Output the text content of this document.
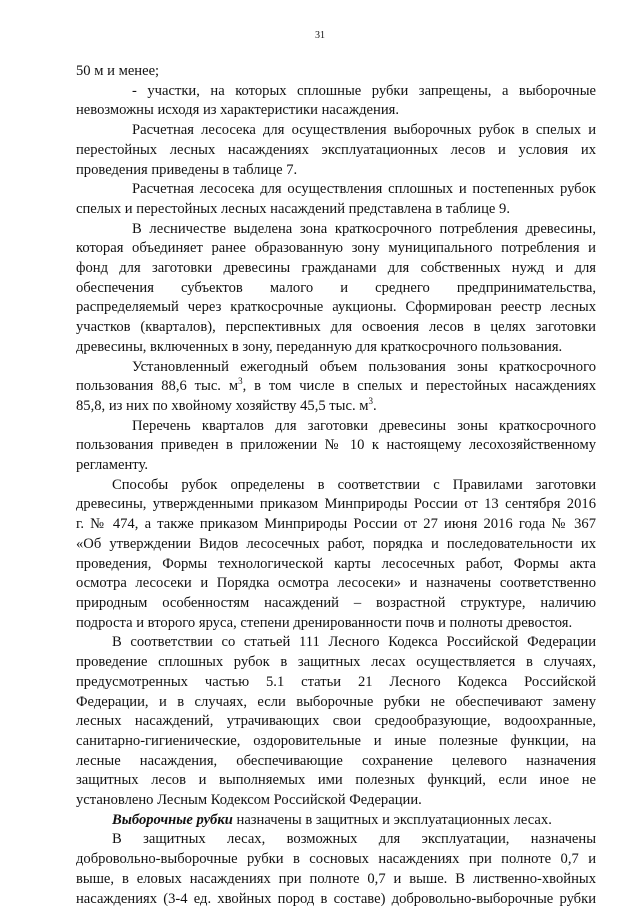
31

50 м и менее;

- участки, на которых сплошные рубки запрещены, а выборочные
невозможны исходя из характеристики насаждения.

Расчетная лесосека для осуществления выборочных рубок в спелых и
перестойных лесных насаждениях эксплуатационных лесов и условия их
проведения приведены в таблице 7.

Расчетная лесосека для осуществления сплошных и постепенных рубок
спелых и перестойных лесных насаждений представлена в таблице 9.

В лесничестве выделена зона краткосрочного потребления древесины,
которая объединяет ранее образованную зону муниципального потребления и
фонд для заготовки древесины гражданами для собственных нужд и для
обеспечения субъектов малого и среднего предпринимательства,
распределяемый через краткосрочные аукционы. Сформирован реестр лесных
участков (кварталов), перспективных для освоения лесов в целях заготовки
древесины, включенных в зону, переданную для краткосрочного пользования.

Установленный ежегодный объем пользования зоны краткосрочного
пользования 88,6 тыс. $м^3$, в том числе в спелых и перестойных насаждениях
85,8, из них по хвойному хозяйству 45,5 тыс. $м^3$.

Перечень кварталов для заготовки древесины зоны краткосрочного
пользования приведен в приложении № 10 к настоящему лесохозяйственному
регламенту.

Способы рубок определены в соответствии с Правилами заготовки
древесины, утвержденными приказом Минприроды России от 13 сентября 2016
г. № 474, а также приказом Минприроды России от 27 июня 2016 года № 367
«Об утверждении Видов лесосечных работ, порядка и последовательности их
проведения, Формы технологической карты лесосечных работ, Формы акта
осмотра лесосеки и Порядка осмотра лесосеки» и назначены соответственно
природным особенностям насаждений – возрастной структуре, наличию
подроста и второго яруса, степени дренированности почв и полноты древостоя.

В соответствии со статьей 111 Лесного Кодекса Российской Федерации
проведение сплошных рубок в защитных лесах осуществляется в случаях,
предусмотренных частью 5.1 статьи 21 Лесного Кодекса Российской
Федерации, и в случаях, если выборочные рубки не обеспечивают замену
лесных насаждений, утрачивающих свои средообразующие, водоохранные,
санитарно-гигиенические, оздоровительные и иные полезные функции, на
лесные насаждения, обеспечивающие сохранение целевого назначения
защитных лесов и выполняемых ими полезных функций, если иное не
установлено Лесным Кодексом Российской Федерации.

Выборочные рубки назначены в защитных и эксплуатационных лесах.

В защитных лесах, возможных для эксплуатации, назначены
добровольно-выборочные рубки в сосновых насаждениях при полноте 0,7 и
выше, в еловых насаждениях при полноте 0,7 и выше. В лиственно-хвойных
насаждениях (3-4 ед. хвойных пород в составе) добровольно-выборочные рубки
